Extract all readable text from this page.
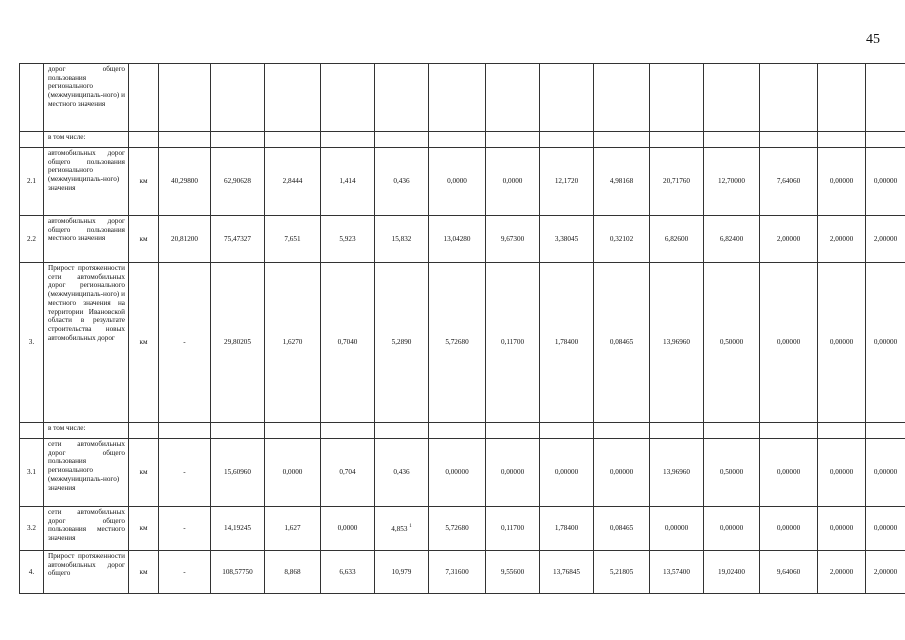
45
	дорог общего пользования регионального (межмуниципаль-ного) и местного значения															
	в том числе:															
2.1	автомобильных дорог общего пользования регионального (межмуниципаль-ного) значения	км	40,29800	62,90628	2,8444	1,414	0,436	0,0000	0,0000	12,1720	4,98168	20,71760	12,70000	7,64060	0,00000	0,00000
2.2	автомобильных дорог общего пользования местного значения	км	20,81200	75,47327	7,651	5,923	15,832	13,04280	9,67300	3,38045	0,32102	6,82600	6,82400	2,00000	2,00000	2,00000
3.	Прирост протяженности сети автомобильных дорог регионального (межмуниципаль-ного) и местного значения на территории Ивановской области в результате строительства новых автомобильных дорог	км	-	29,80205	1,6270	0,7040	5,2890	5,72680	0,11700	1,78400	0,08465	13,96960	0,50000	0,00000	0,00000	0,00000
	в том числе:															
3.1	сети автомобильных дорог общего пользования регионального (межмуниципаль-ного) значения	км	-	15,60960	0,0000	0,704	0,436	0,00000	0,00000	0,00000	0,00000	13,96960	0,50000	0,00000	0,00000	0,00000
3.2	сети автомобильных дорог общего пользования местного значения	км	-	14,19245	1,627	0,0000	4,853 $^1$	5,72680	0,11700	1,78400	0,08465	0,00000	0,00000	0,00000	0,00000	0,00000
4.	Прирост протяженности автомобильных дорог общего	км	-	108,57750	8,868	6,633	10,979	7,31600	9,55600	13,76845	5,21805	13,57400	19,02400	9,64060	2,00000	2,00000
